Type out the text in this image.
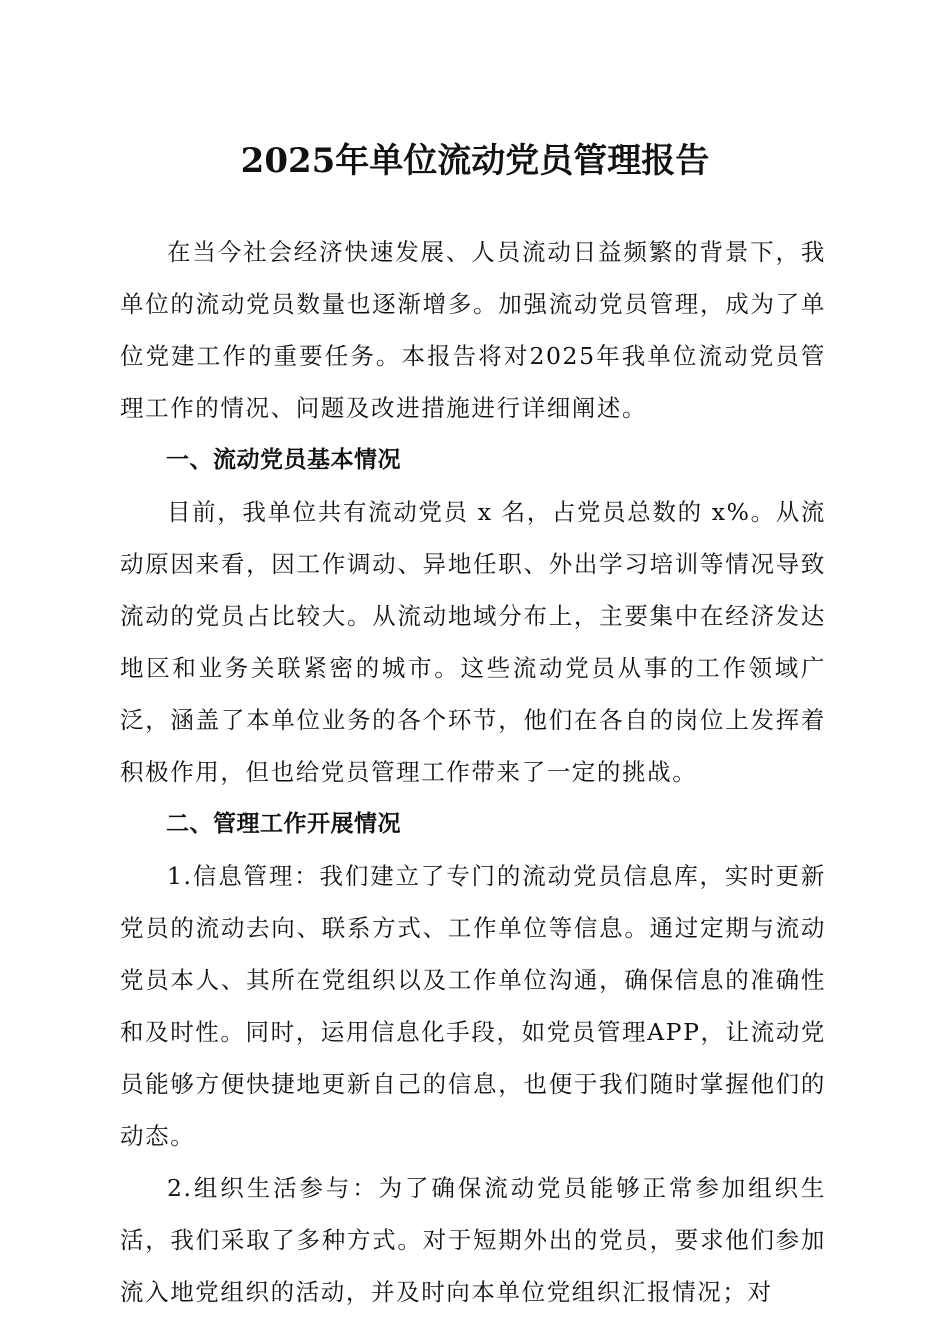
2025年单位流动党员管理报告

在当今社会经济快速发展、人员流动日益频繁的背景下，我单位的流动党员数量也逐渐增多。加强流动党员管理，成为了单位党建工作的重要任务。本报告将对2025年我单位流动党员管理工作的情况、问题及改进措施进行详细阐述。

一、流动党员基本情况

目前，我单位共有流动党员 x 名，占党员总数的 x%。从流动原因来看，因工作调动、异地任职、外出学习培训等情况导致流动的党员占比较大。从流动地域分布上，主要集中在经济发达地区和业务关联紧密的城市。这些流动党员从事的工作领域广泛，涵盖了本单位业务的各个环节，他们在各自的岗位上发挥着积极作用，但也给党员管理工作带来了一定的挑战。

二、管理工作开展情况

1.信息管理：我们建立了专门的流动党员信息库，实时更新党员的流动去向、联系方式、工作单位等信息。通过定期与流动党员本人、其所在党组织以及工作单位沟通，确保信息的准确性和及时性。同时，运用信息化手段，如党员管理APP，让流动党员能够方便快捷地更新自己的信息，也便于我们随时掌握他们的动态。

2.组织生活参与：为了确保流动党员能够正常参加组织生活，我们采取了多种方式。对于短期外出的党员，要求他们参加流入地党组织的活动，并及时向本单位党组织汇报情况；对
